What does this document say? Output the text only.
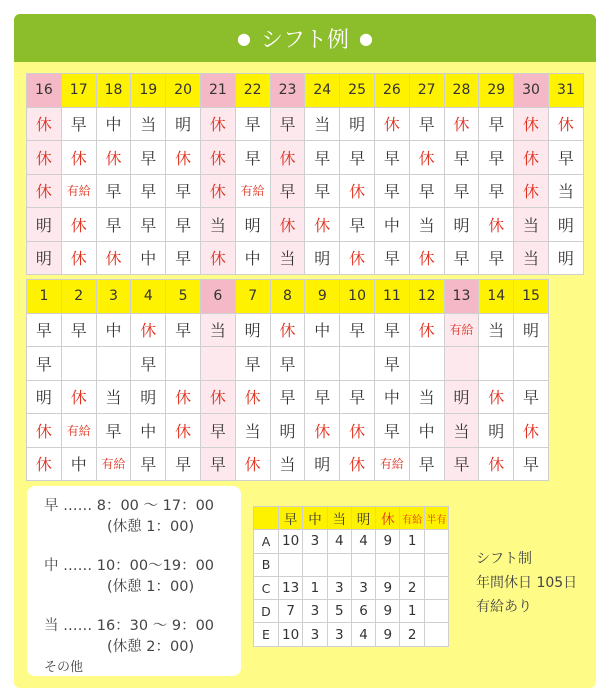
● シフト例 ●
16	17	18	19	20	21	22	23	24	25	26	27	28	29	30	31
休	早	中	当	明	休	早	早	当	明	休	早	休	早	休	休
休	休	休	早	休	休	早	休	早	早	早	休	早	早	休	早
休	有給	早	早	早	休	有給	早	早	休	早	早	早	早	休	当
明	休	早	早	早	当	明	休	休	早	中	当	明	休	当	明
明	休	休	中	早	休	中	当	明	休	早	休	早	早	当	明
1	2	3	4	5	6	7	8	9	10	11	12	13	14	15
早	早	中	休	早	当	明	休	中	早	早	休	有給	当	明
早			早			早	早			早				
明	休	当	明	休	休	休	早	早	早	中	当	明	休	早
休	有給	早	中	休	早	当	明	休	休	早	中	当	明	休
休	中	有給	早	早	早	休	当	明	休	有給	早	早	休	早
早 …… 8：00 ～ 17：00
(休憩 1：00)
中 …… 10：00～19：00
(休憩 1：00)
当 …… 16：30 ～ 9：00
(休憩 2：00)
その他
	早	中	当	明	休	有給	半有
A	10	3	4	4	9	1	
B							
C	13	1	3	3	9	2	
D	7	3	5	6	9	1	
E	10	3	3	4	9	2	
シフト制
年間休日 105日
有給あり
